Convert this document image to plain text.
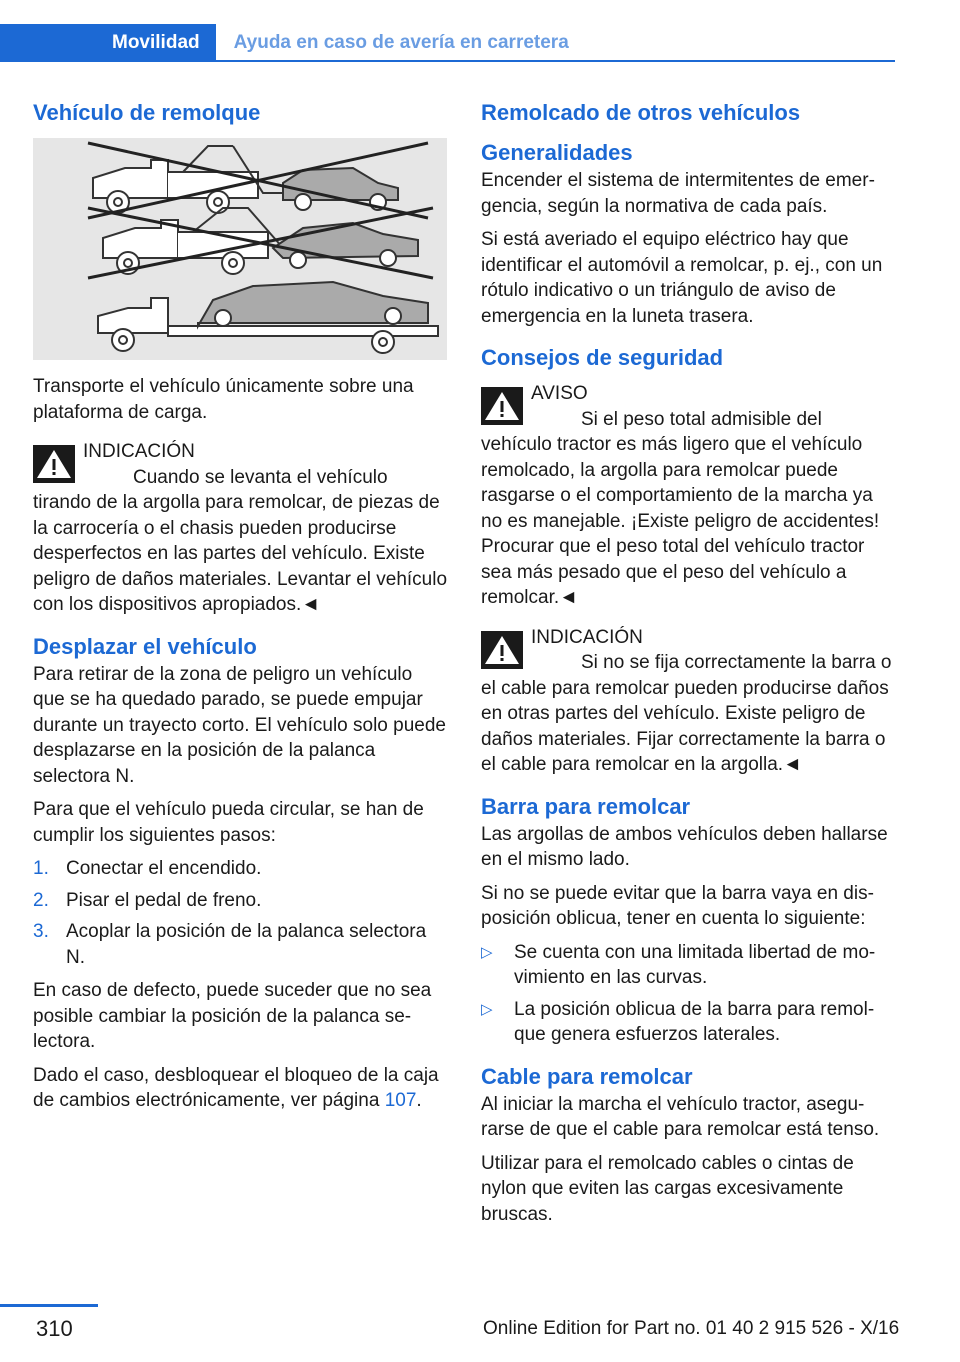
Movilidad	Ayuda en caso de avería en carretera
Vehículo de remolque

Transporte el vehículo únicamente sobre una plataforma de carga.

INDICACIÓN

Cuando se levanta el vehículo tirando de la argolla para remolcar, de piezas de la carrocería o el chasis pueden producirse desperfectos en las partes del vehículo. Existe peligro de daños materiales. Levantar el vehículo con los dispositivos apropiados.◄

Desplazar el vehículo

Para retirar de la zona de peligro un vehículo que se ha quedado parado, se puede empujar durante un trayecto corto. El vehículo solo puede desplazarse en la posición de la palanca selectora N.

Para que el vehículo pueda circular, se han de cumplir los siguientes pasos:

1. Conectar el encendido.
2. Pisar el pedal de freno.
3. Acoplar la posición de la palanca selectora N.

En caso de defecto, puede suceder que no sea posible cambiar la posición de la palanca selectora.

Dado el caso, desbloquear el bloqueo de la caja de cambios electrónicamente, ver página 107.

Remolcado de otros vehículos
Generalidades

Encender el sistema de intermitentes de emergencia, según la normativa de cada país.

Si está averiado el equipo eléctrico hay que identificar el automóvil a remolcar, p. ej., con un rótulo indicativo o un triángulo de aviso de emergencia en la luneta trasera.

Consejos de seguridad
AVISO

Si el peso total admisible del vehículo tractor es más ligero que el vehículo remolcado, la argolla para remolcar puede rasgarse o el comportamiento de la marcha ya no es manejable. ¡Existe peligro de accidentes! Procurar que el peso total del vehículo tractor sea más pesado que el peso del vehículo a remolcar.◄

INDICACIÓN

Si no se fija correctamente la barra o el cable para remolcar pueden producirse daños en otras partes del vehículo. Existe peligro de daños materiales. Fijar correctamente la barra o el cable para remolcar en la argolla.◄

Barra para remolcar

Las argollas de ambos vehículos deben hallarse en el mismo lado.

Si no se puede evitar que la barra vaya en disposición oblicua, tener en cuenta lo siguiente:

▷ Se cuenta con una limitada libertad de movimiento en las curvas.
▷ La posición oblicua de la barra para remolque genera esfuerzos laterales.
Cable para remolcar

Al iniciar la marcha el vehículo tractor, asegurarse de que el cable para remolcar está tenso.

Utilizar para el remolcado cables o cintas de nylon que eviten las cargas excesivamente bruscas.

310	Online Edition for Part no. 01 40 2 915 526 - X/16
